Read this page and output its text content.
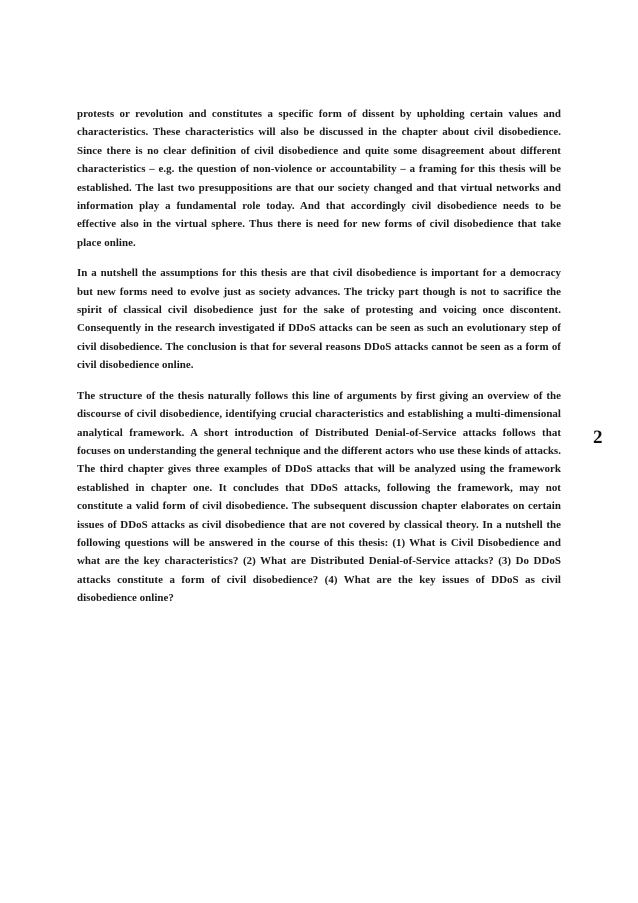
protests or revolution and constitutes a specific form of dissent by upholding certain values and characteristics. These characteristics will also be discussed in the chapter about civil disobedience. Since there is no clear definition of civil disobedience and quite some disagreement about different characteristics – e.g. the question of non-violence or accountability – a framing for this thesis will be established. The last two presuppositions are that our society changed and that virtual networks and information play a fundamental role today. And that accordingly civil disobedience needs to be effective also in the virtual sphere. Thus there is need for new forms of civil disobedience that take place online.

In a nutshell the assumptions for this thesis are that civil disobedience is important for a democracy but new forms need to evolve just as society advances. The tricky part though is not to sacrifice the spirit of classical civil disobedience just for the sake of protesting and voicing once discontent. Consequently in the research investigated if DDoS attacks can be seen as such an evolutionary step of civil disobedience. The conclusion is that for several reasons DDoS attacks cannot be seen as a form of civil disobedience online.

The structure of the thesis naturally follows this line of arguments by first giving an overview of the discourse of civil disobedience, identifying crucial characteristics and establishing a multi-dimensional analytical framework. A short introduction of Distributed Denial-of-Service attacks follows that focuses on understanding the general technique and the different actors who use these kinds of attacks. The third chapter gives three examples of DDoS attacks that will be analyzed using the framework established in chapter one. It concludes that DDoS attacks, following the framework, may not constitute a valid form of civil disobedience. The subsequent discussion chapter elaborates on certain issues of DDoS attacks as civil disobedience that are not covered by classical theory. In a nutshell the following questions will be answered in the course of this thesis: (1) What is Civil Disobedience and what are the key characteristics? (2) What are Distributed Denial-of-Service attacks? (3) Do DDoS attacks constitute a form of civil disobedience? (4) What are the key issues of DDoS as civil disobedience online?

2
